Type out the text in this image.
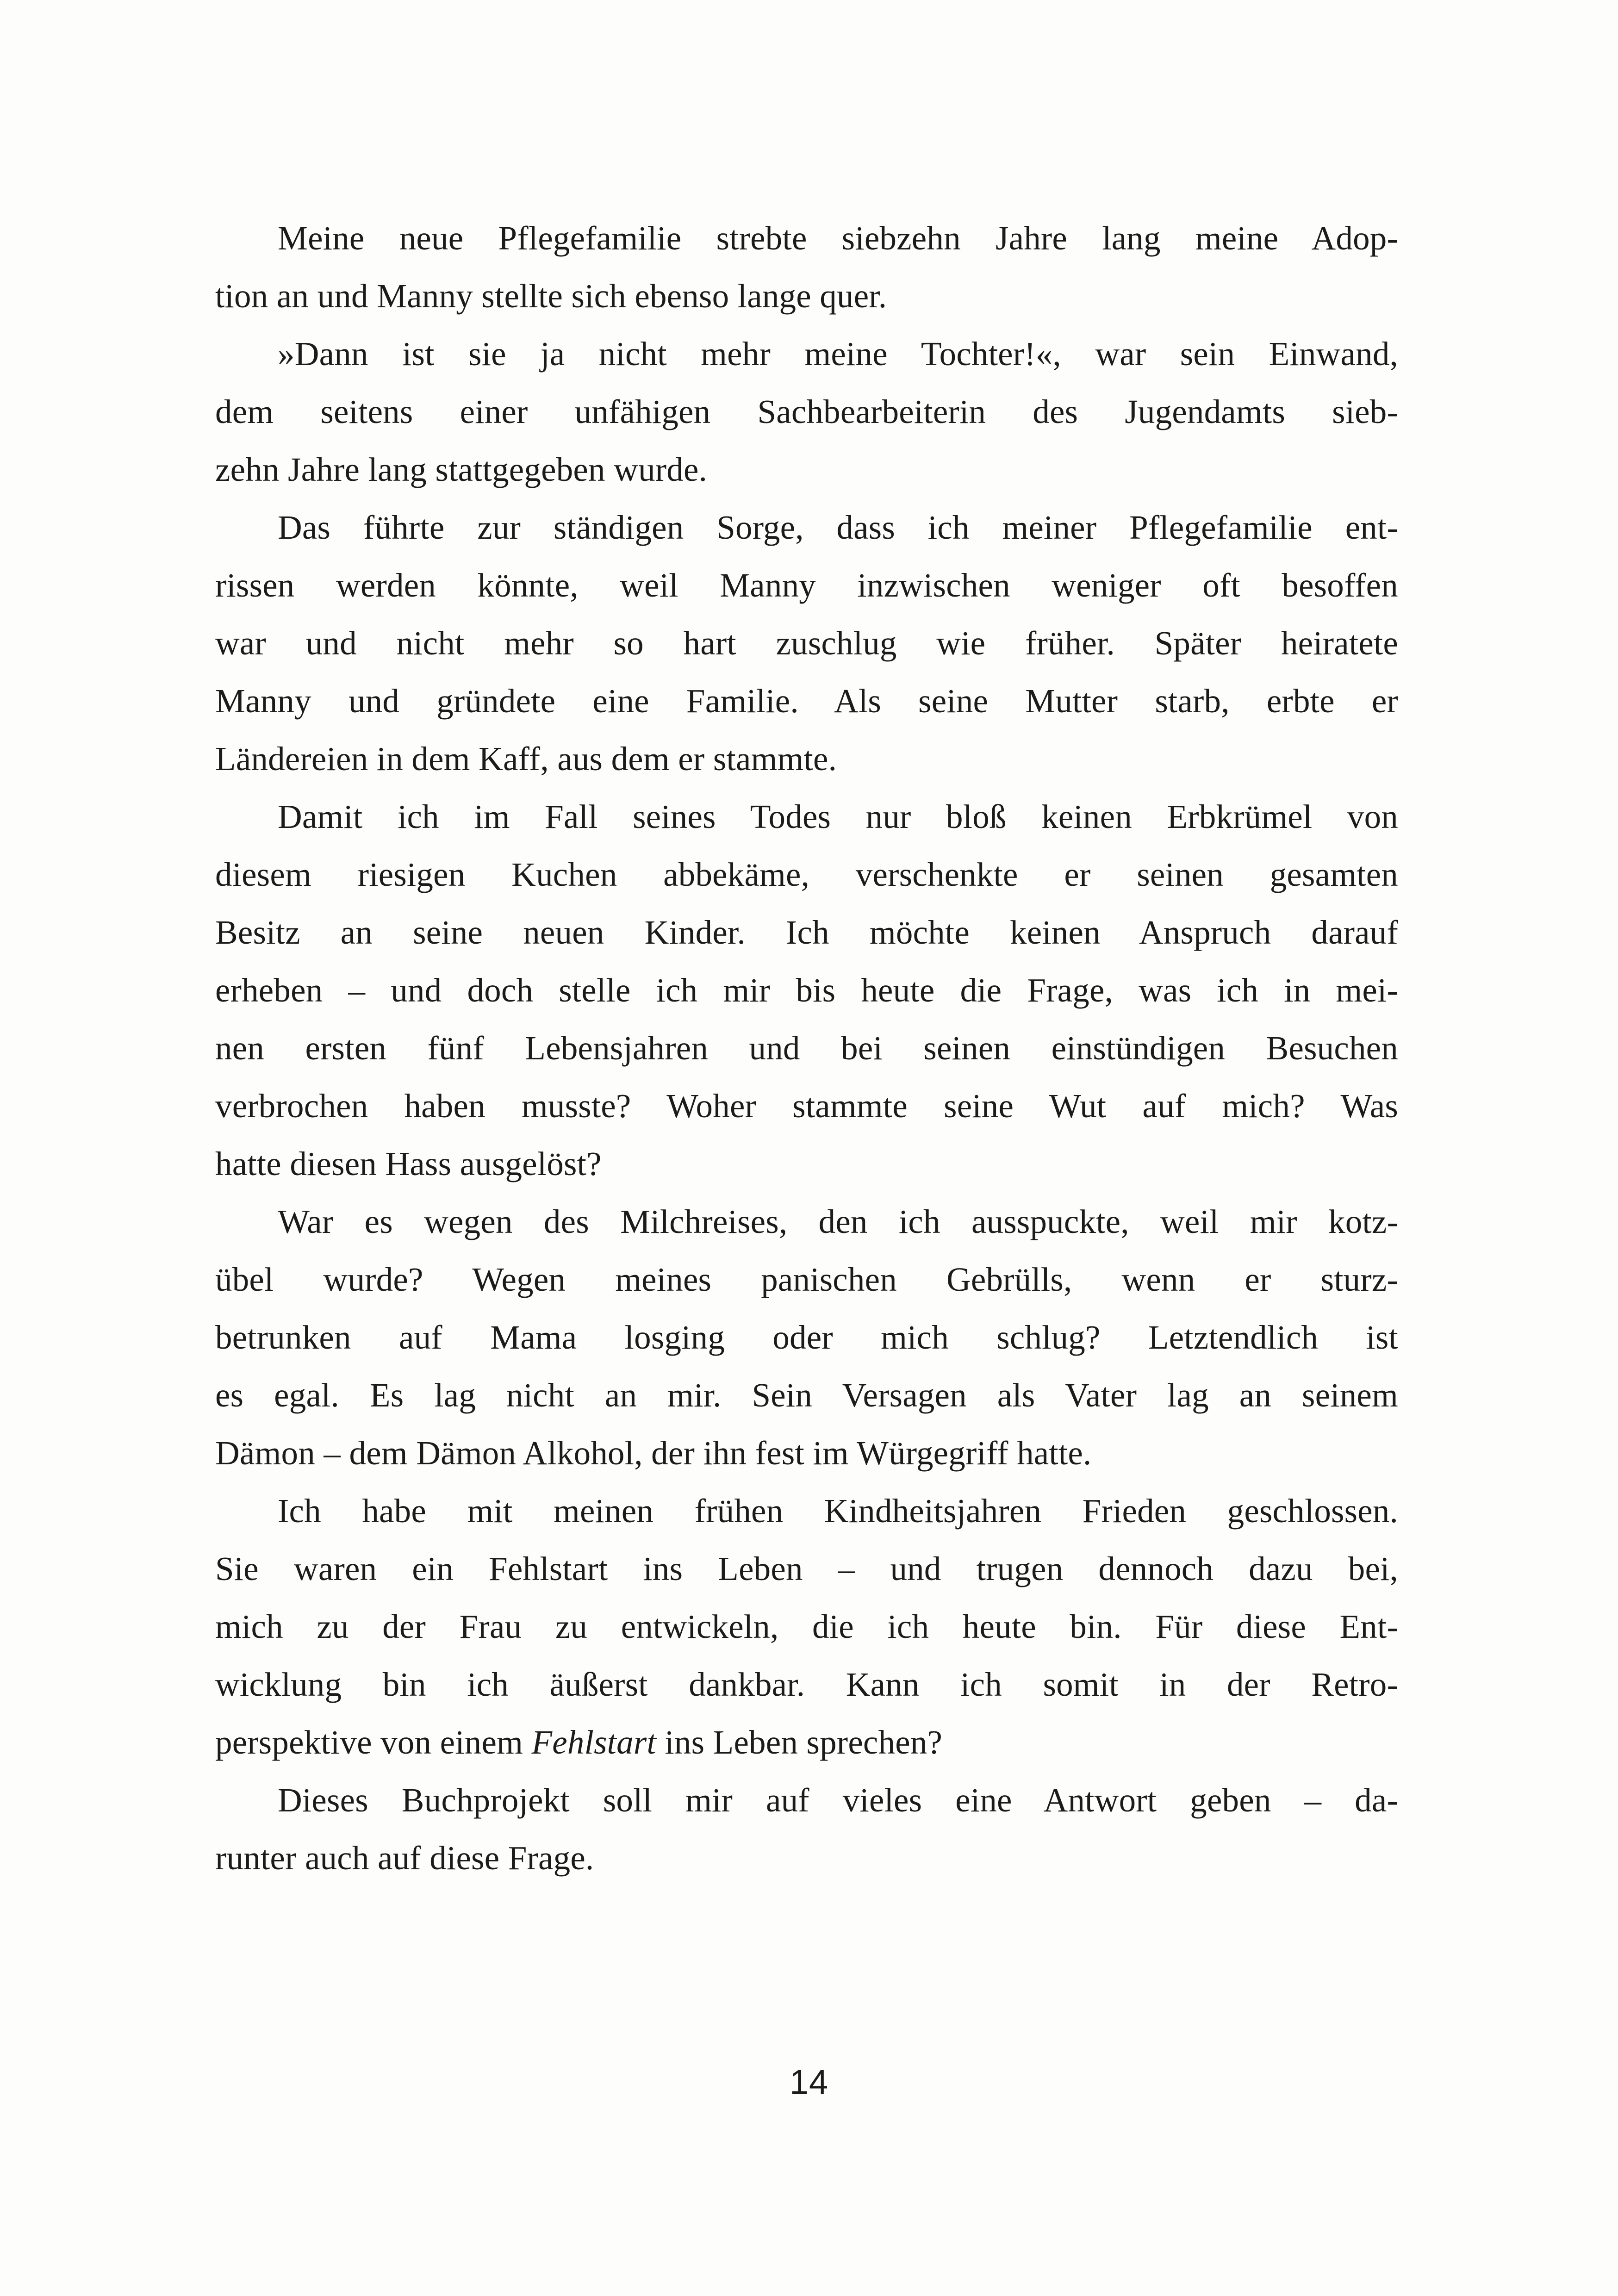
Meine neue Pflegefamilie strebte siebzehn Jahre lang meine Adop-
tion an und Manny stellte sich ebenso lange quer.
»Dann ist sie ja nicht mehr meine Tochter!«, war sein Einwand,
dem seitens einer unfähigen Sachbearbeiterin des Jugendamts sieb-
zehn Jahre lang stattgegeben wurde.
Das führte zur ständigen Sorge, dass ich meiner Pflegefamilie ent-
rissen werden könnte, weil Manny inzwischen weniger oft besoffen
war und nicht mehr so hart zuschlug wie früher. Später heiratete
Manny und gründete eine Familie. Als seine Mutter starb, erbte er
Ländereien in dem Kaff, aus dem er stammte.
Damit ich im Fall seines Todes nur bloß keinen Erbkrümel von
diesem riesigen Kuchen abbekäme, verschenkte er seinen gesamten
Besitz an seine neuen Kinder. Ich möchte keinen Anspruch darauf
erheben – und doch stelle ich mir bis heute die Frage, was ich in mei-
nen ersten fünf Lebensjahren und bei seinen einstündigen Besuchen
verbrochen haben musste? Woher stammte seine Wut auf mich? Was
hatte diesen Hass ausgelöst?
War es wegen des Milchreises, den ich ausspuckte, weil mir kotz-
übel wurde? Wegen meines panischen Gebrülls, wenn er sturz-
betrunken auf Mama losging oder mich schlug? Letztendlich ist
es egal. Es lag nicht an mir. Sein Versagen als Vater lag an seinem
Dämon – dem Dämon Alkohol, der ihn fest im Würgegriff hatte.
Ich habe mit meinen frühen Kindheitsjahren Frieden geschlossen.
Sie waren ein Fehlstart ins Leben – und trugen dennoch dazu bei,
mich zu der Frau zu entwickeln, die ich heute bin. Für diese Ent-
wicklung bin ich äußerst dankbar. Kann ich somit in der Retro-
perspektive von einem Fehlstart ins Leben sprechen?
Dieses Buchprojekt soll mir auf vieles eine Antwort geben – da-
runter auch auf diese Frage.
14
